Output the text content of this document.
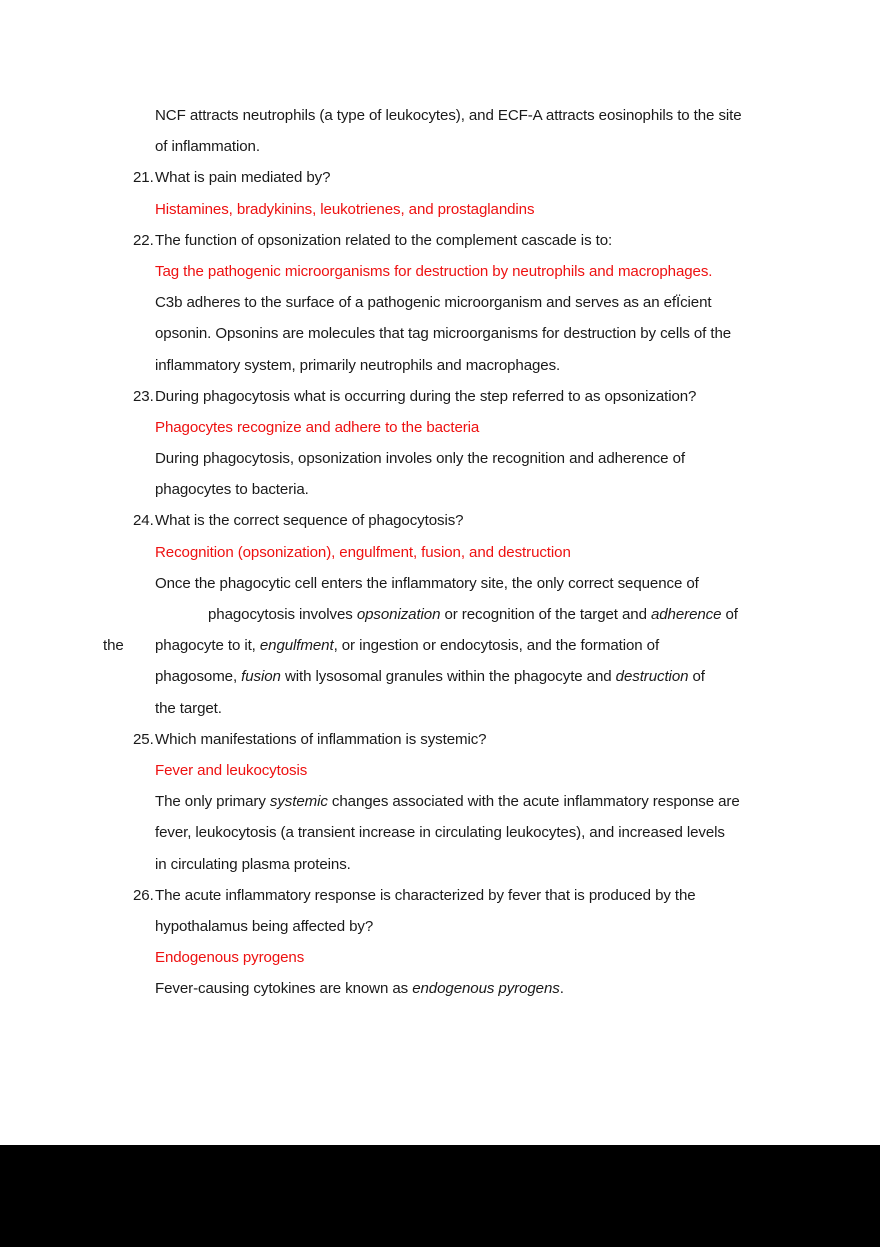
NCF attracts neutrophils (a type of leukocytes), and ECF-A attracts eosinophils to the site
of inflammation.
21.What is pain mediated by?
Histamines, bradykinins, leukotrienes, and prostaglandins
22.The function of opsonization related to the complement cascade is to:
Tag the pathogenic microorganisms for destruction by neutrophils and macrophages.
C3b adheres to the surface of a pathogenic microorganism and serves as an efЇcient
opsonin. Opsonins are molecules that tag microorganisms for destruction by cells of the
inflammatory system, primarily neutrophils and macrophages.
23.During phagocytosis what is occurring during the step referred to as opsonization?
Phagocytes recognize and adhere to the bacteria
During phagocytosis, opsonization involes only the recognition and adherence of
phagocytes to bacteria.
24.What is the correct sequence of phagocytosis?
Recognition (opsonization), engulfment, fusion, and destruction
Once the phagocytic cell enters the inflammatory site, the only correct sequence of
phagocytosis involves opsonization or recognition of the target and adherence of
the phagocyte to it, engulfment, or ingestion or endocytosis, and the formation of
phagosome, fusion with lysosomal granules within the phagocyte and destruction of
the target.
25.Which manifestations of inflammation is systemic?
Fever and leukocytosis
The only primary systemic changes associated with the acute inflammatory response are
fever, leukocytosis (a transient increase in circulating leukocytes), and increased levels
in circulating plasma proteins.
26.The acute inflammatory response is characterized by fever that is produced by the
hypothalamus being affected by?
Endogenous pyrogens
Fever-causing cytokines are known as endogenous pyrogens.
